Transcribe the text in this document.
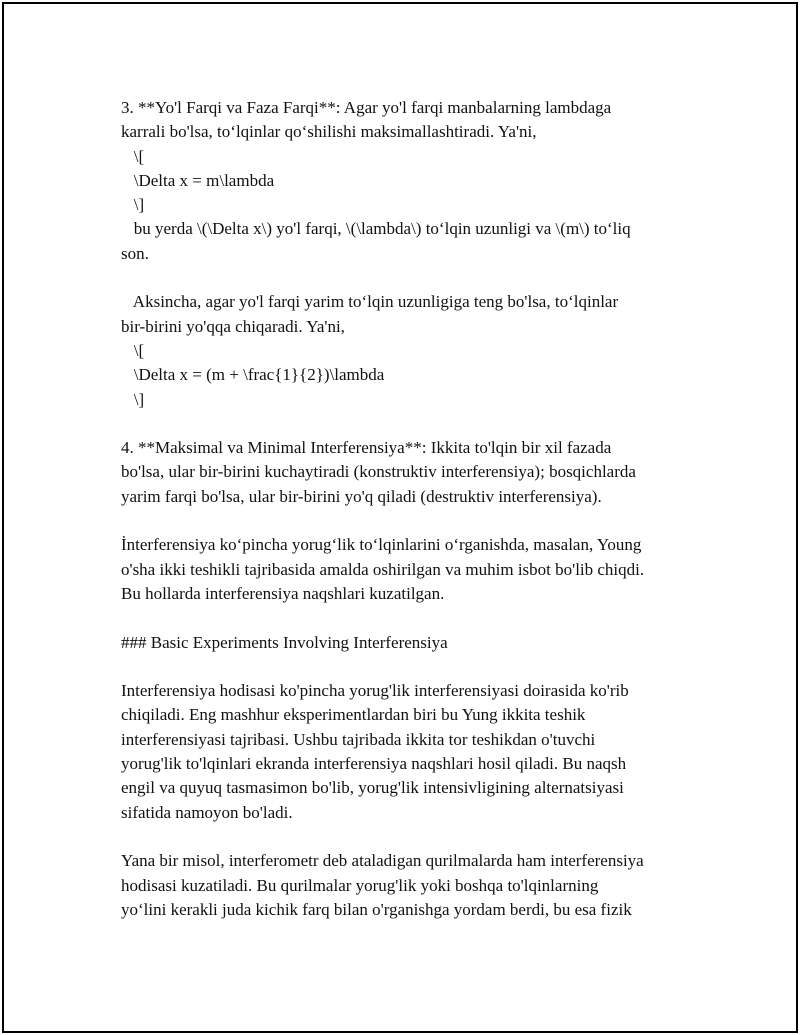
3. **Yo'l Farqi va Faza Farqi**: Agar yo'l farqi manbalarning lambdaga
karrali bo'lsa, to‘lqinlar qo‘shilishi maksimallashtiradi. Ya'ni,
\[
\Delta x = m\lambda
\]
bu yerda \(\Delta x\) yo'l farqi, \(\lambda\) to‘lqin uzunligi va \(m\) to‘liq
son.
Aksincha, agar yo'l farqi yarim to‘lqin uzunligiga teng bo'lsa, to‘lqinlar
bir-birini yo'qqa chiqaradi. Ya'ni,
\[
\Delta x = (m + \frac{1}{2})\lambda
\]
4. **Maksimal va Minimal Interferensiya**: Ikkita to'lqin bir xil fazada
bo'lsa, ular bir-birini kuchaytiradi (konstruktiv interferensiya); bosqichlarda
yarim farqi bo'lsa, ular bir-birini yo'q qiladi (destruktiv interferensiya).
İnterferensiya ko‘pincha yorug‘lik to‘lqinlarini o‘rganishda, masalan, Young
o'sha ikki teshikli tajribasida amalda oshirilgan va muhim isbot bo'lib chiqdi.
Bu hollarda interferensiya naqshlari kuzatilgan.
### Basic Experiments Involving Interferensiya
Interferensiya hodisasi ko'pincha yorug'lik interferensiyasi doirasida ko'rib
chiqiladi. Eng mashhur eksperimentlardan biri bu Yung ikkita teshik
interferensiyasi tajribasi. Ushbu tajribada ikkita tor teshikdan o'tuvchi
yorug'lik to'lqinlari ekranda interferensiya naqshlari hosil qiladi. Bu naqsh
engil va quyuq tasmasimon bo'lib, yorug'lik intensivligining alternatsiyasi
sifatida namoyon bo'ladi.
Yana bir misol, interferometr deb ataladigan qurilmalarda ham interferensiya
hodisasi kuzatiladi. Bu qurilmalar yorug'lik yoki boshqa to'lqinlarning
yo‘lini kerakli juda kichik farq bilan o'rganishga yordam berdi, bu esa fizik
